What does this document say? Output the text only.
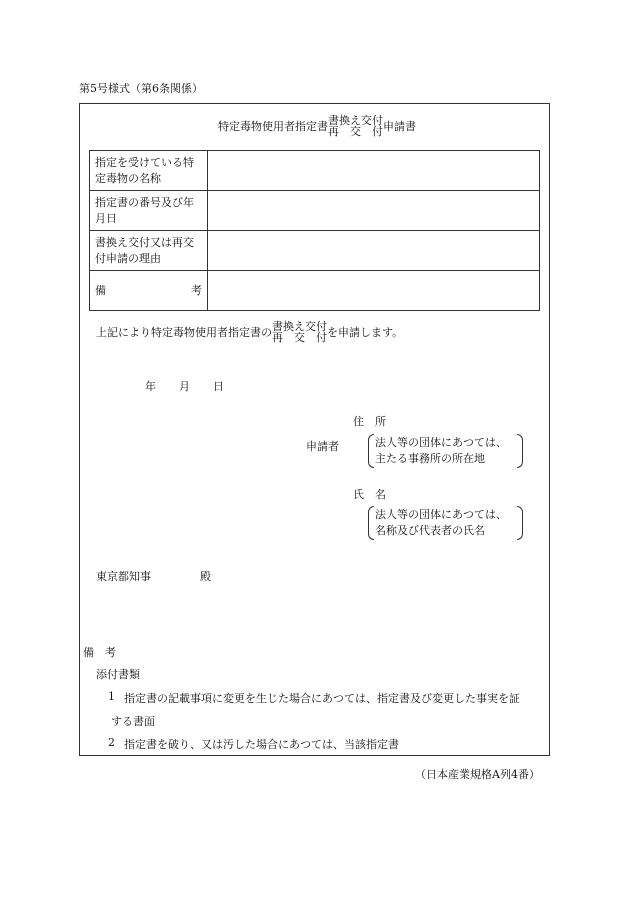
第5号様式（第6条関係）
特定毒物使用者指定書 書換え交付
再　交　付 申請書
指定を受けている特
定毒物の名称	

指定書の番号及び年
月日	

書換え交付又は再交
付申請の理由	

備 考	

上記により特定毒物使用者指定書の 書換え交付
再　交　付 を申請します。
年 月 日
住　所
申請者	法人等の団体にあつては、
主たる事務所の所在地
氏　名
法人等の団体にあつては、
名称及び代表者の氏名
東京都知事	殿
備　考
添付書類
1 指定書の記載事項に変更を生じた場合にあつては、指定書及び変更した事実を証
する書面
2 指定書を破り、又は汚した場合にあつては、当該指定書
（日本産業規格A列4番）
